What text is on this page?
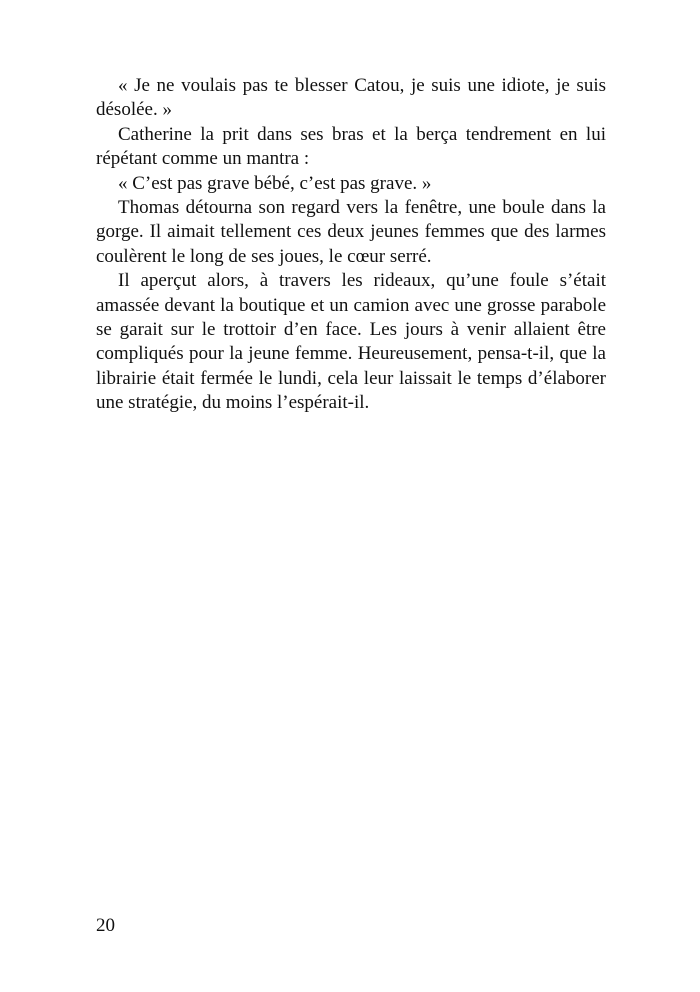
« Je ne voulais pas te blesser Catou, je suis une idiote, je suis désolée. »

Catherine la prit dans ses bras et la berça tendrement en lui répétant comme un mantra :

« C’est pas grave bébé, c’est pas grave. »

Thomas détourna son regard vers la fenêtre, une boule dans la gorge. Il aimait tellement ces deux jeunes femmes que des larmes coulèrent le long de ses joues, le cœur serré.

Il aperçut alors, à travers les rideaux, qu’une foule s’était amassée devant la boutique et un camion avec une grosse parabole se garait sur le trottoir d’en face. Les jours à venir allaient être compliqués pour la jeune femme. Heureusement, pensa-t-il, que la librairie était fermée le lundi, cela leur laissait le temps d’élaborer une stratégie, du moins l’espérait-il.

20
